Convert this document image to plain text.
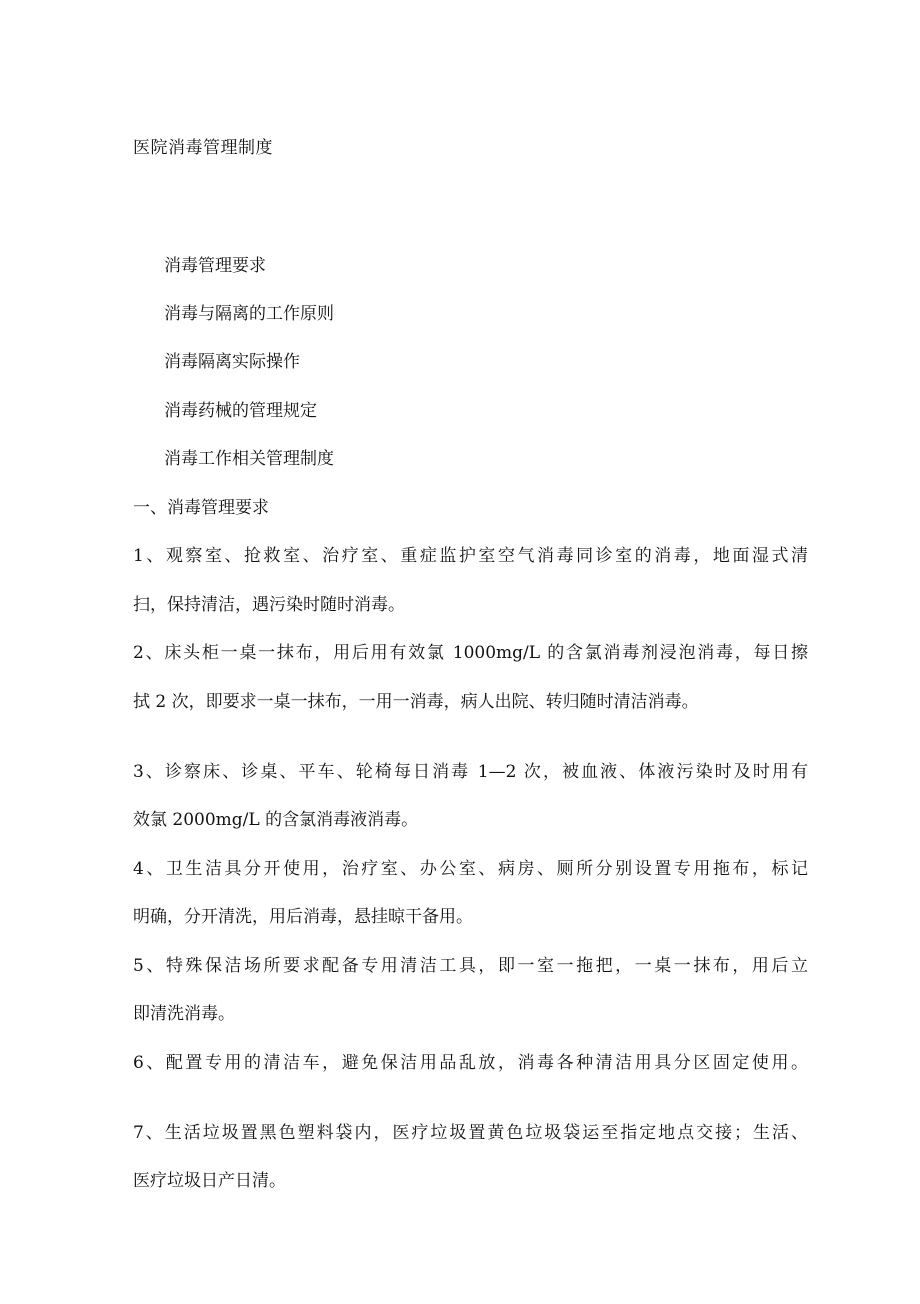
医院消毒管理制度
消毒管理要求
消毒与隔离的工作原则
消毒隔离实际操作
消毒药械的管理规定
消毒工作相关管理制度
一、消毒管理要求
1、观察室、抢救室、治疗室、重症监护室空气消毒同诊室的消毒，地面湿式清
扫，保持清洁，遇污染时随时消毒。
2、床头柜一桌一抹布，用后用有效氯 1000mg/L 的含氯消毒剂浸泡消毒，每日擦
拭 2 次，即要求一桌一抹布，一用一消毒，病人出院、转归随时清洁消毒。
3、诊察床、诊桌、平车、轮椅每日消毒 1—2 次，被血液、体液污染时及时用有
效氯 2000mg/L 的含氯消毒液消毒。
4、卫生洁具分开使用，治疗室、办公室、病房、厕所分别设置专用拖布，标记
明确，分开清洗，用后消毒，悬挂晾干备用。
5、特殊保洁场所要求配备专用清洁工具，即一室一拖把，一桌一抹布，用后立
即清洗消毒。
6、配置专用的清洁车，避免保洁用品乱放，消毒各种清洁用具分区固定使用。
7、生活垃圾置黑色塑料袋内，医疗垃圾置黄色垃圾袋运至指定地点交接；生活、
医疗垃圾日产日清。
